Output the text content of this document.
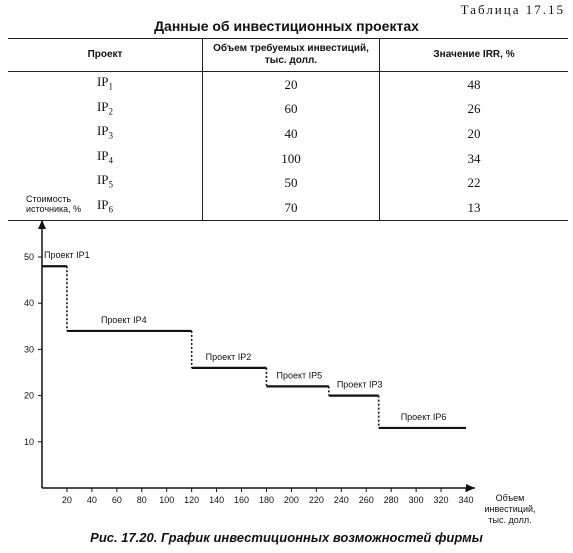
Таблица 17.15
Данные об инвестиционных проектах
Проект	Объем требуемых инвестиций, тыс. долл.	Значение IRR, %
$IP_1$	20	48
$IP_2$	60	26
$IP_3$	40	20
$IP_4$	100	34
$IP_5$	50	22
$IP_6$	70	13
Стоимость источника, %
Объем инвестиций, тыс. долл.
20 40 60 80 100 120 140 160 180 200 220 240 260 280 300 320 340
10
20
30
40
50 Проект IP1
Проект IP4
Проект IP2
Проект IP5
Проект IP3
Проект IP6
Рис. 17.20. График инвестиционных возможностей фирмы
